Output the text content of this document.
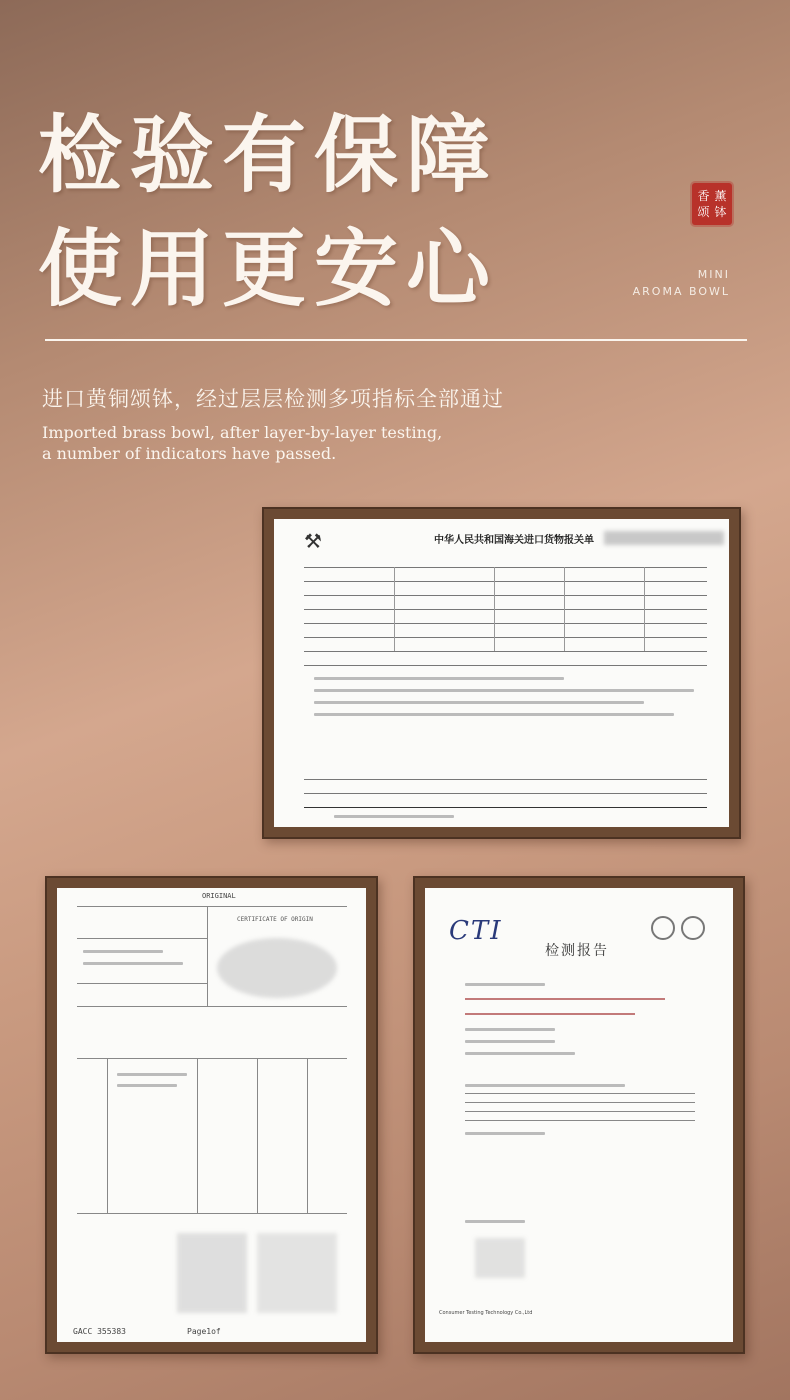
检验有保障
使用更安心
香 薰
颂 钵
MINI
AROMA BOWL
进口黄铜颂钵，经过层层检测多项指标全部通过
Imported brass bowl, after layer-by-layer testing,
a number of indicators have passed.
⚒	中华人民共和国海关进口货物报关单
ORIGINAL
CERTIFICATE OF ORIGIN
GACC 355383	Page1of
CTI
检测报告
Consumer Testing Technology Co.,Ltd
